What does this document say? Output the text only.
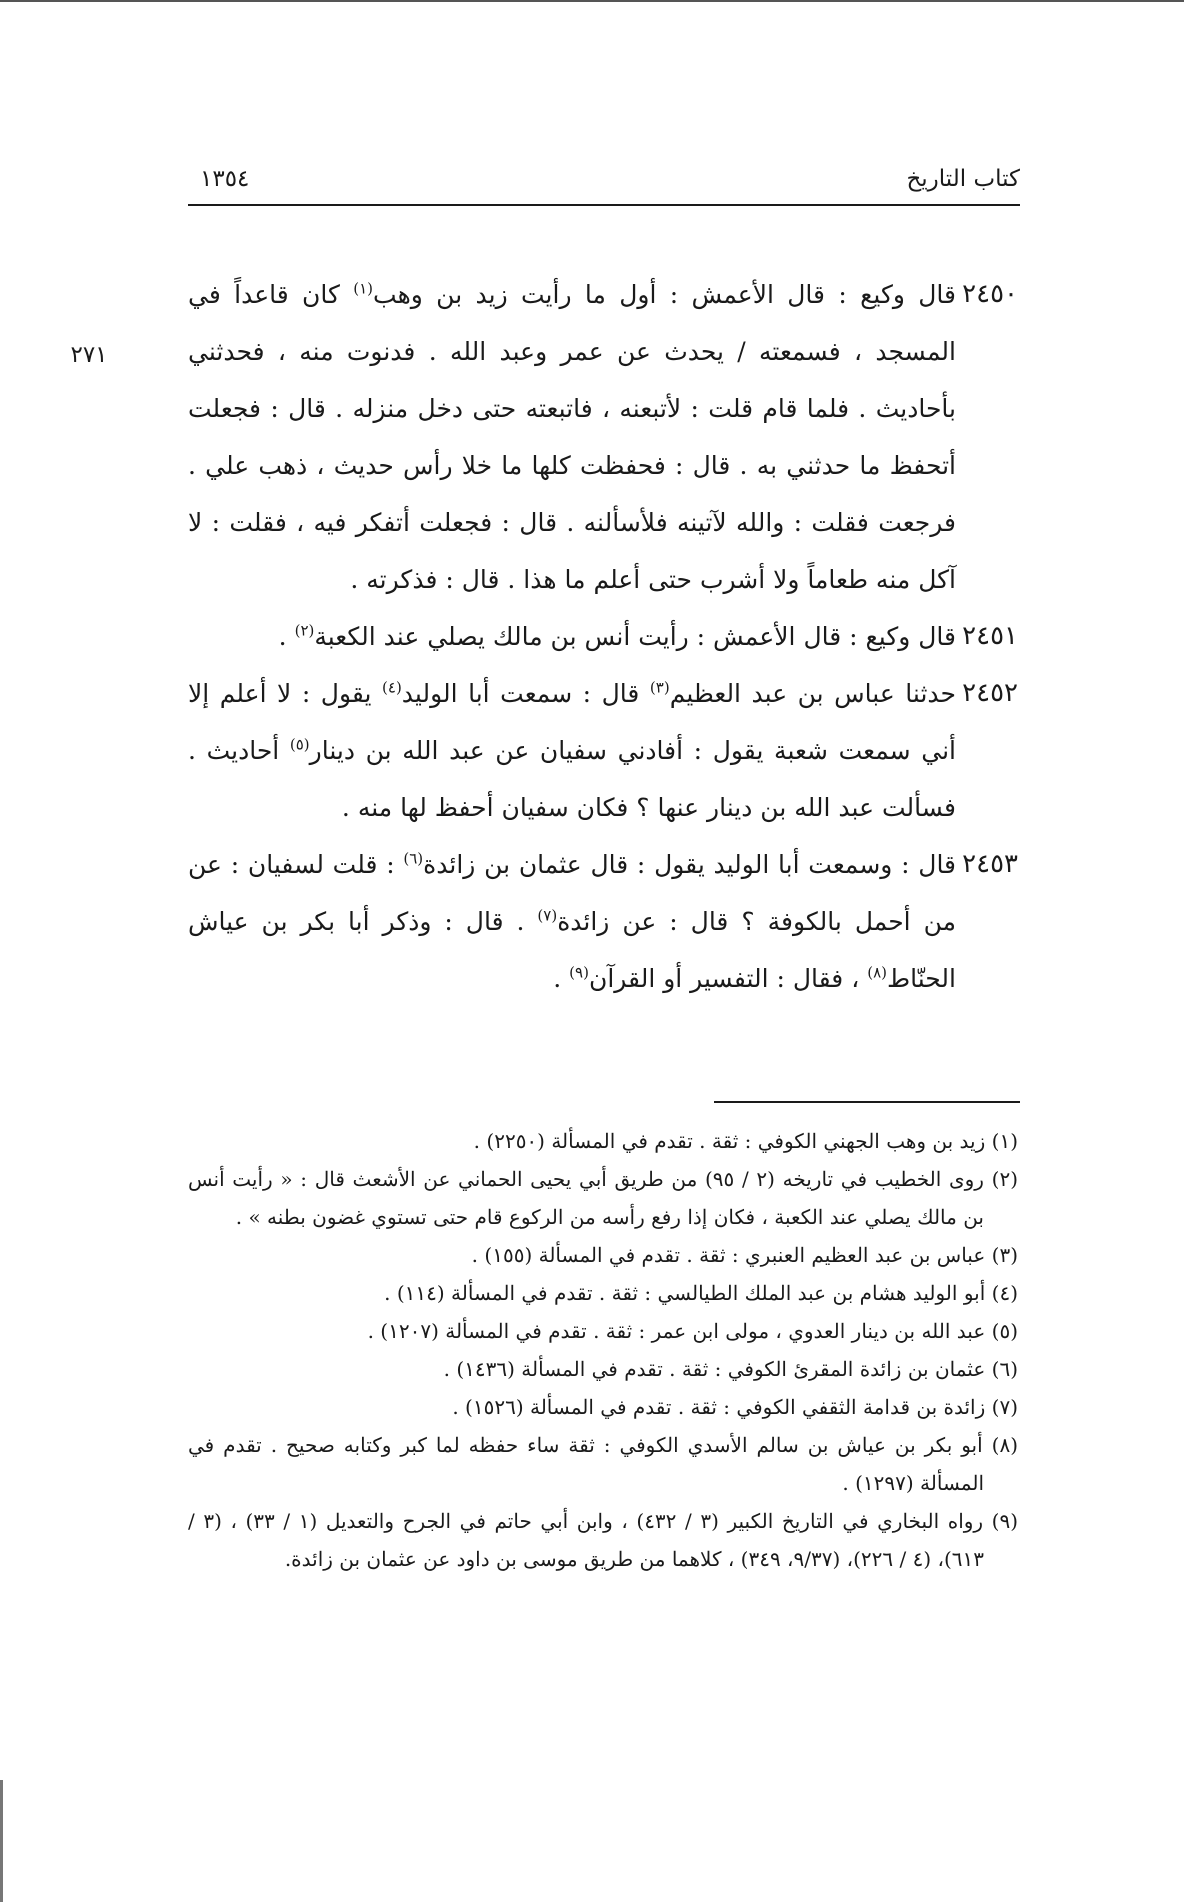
كتاب التاريخ
١٣٥٤
٢٧١
٢٤٥٠
قال وكيع : قال الأعمش : أول ما رأيت زيد بن وهب$^{(١)}$ كان قاعداً في المسجد ، فسمعته / يحدث عن عمر وعبد الله . فدنوت منه ، فحدثني بأحاديث . فلما قام قلت : لأتبعنه ، فاتبعته حتى دخل منزله . قال : فجعلت أتحفظ ما حدثني به . قال : فحفظت كلها ما خلا رأس حديث ، ذهب علي . فرجعت فقلت : والله لآتينه فلأسألنه . قال : فجعلت أتفكر فيه ، فقلت : لا آكل منه طعاماً ولا أشرب حتى أعلم ما هذا . قال : فذكرته .
٢٤٥١
قال وكيع : قال الأعمش : رأيت أنس بن مالك يصلي عند الكعبة$^{(٢)}$ .
٢٤٥٢
حدثنا عباس بن عبد العظيم$^{(٣)}$ قال : سمعت أبا الوليد$^{(٤)}$ يقول : لا أعلم إلا أني سمعت شعبة يقول : أفادني سفيان عن عبد الله بن دينار$^{(٥)}$ أحاديث . فسألت عبد الله بن دينار عنها ؟ فكان سفيان أحفظ لها منه .
٢٤٥٣
قال : وسمعت أبا الوليد يقول : قال عثمان بن زائدة$^{(٦)}$ : قلت لسفيان : عن من أحمل بالكوفة ؟ قال : عن زائدة$^{(٧)}$ . قال : وذكر أبا بكر بن عياش الحنّاط$^{(٨)}$ ، فقال : التفسير أو القرآن$^{(٩)}$ .
(١) زيد بن وهب الجهني الكوفي : ثقة . تقدم في المسألة (٢٢٥٠) .
(٢) روى الخطيب في تاريخه (٢ / ٩٥) من طريق أبي يحيى الحماني عن الأشعث قال : « رأيت أنس بن مالك يصلي عند الكعبة ، فكان إذا رفع رأسه من الركوع قام حتى تستوي غضون بطنه » .
(٣) عباس بن عبد العظيم العنبري : ثقة . تقدم في المسألة (١٥٥) .
(٤) أبو الوليد هشام بن عبد الملك الطيالسي : ثقة . تقدم في المسألة (١١٤) .
(٥) عبد الله بن دينار العدوي ، مولى ابن عمر : ثقة . تقدم في المسألة (١٢٠٧) .
(٦) عثمان بن زائدة المقرئ الكوفي : ثقة . تقدم في المسألة (١٤٣٦) .
(٧) زائدة بن قدامة الثقفي الكوفي : ثقة . تقدم في المسألة (١٥٢٦) .
(٨) أبو بكر بن عياش بن سالم الأسدي الكوفي : ثقة ساء حفظه لما كبر وكتابه صحيح . تقدم في المسألة (١٢٩٧) .
(٩) رواه البخاري في التاريخ الكبير (٣ / ٤٣٢) ، وابن أبي حاتم في الجرح والتعديل (١ / ٣٣) ، (٣ / ٦١٣)، (٤ / ٢٢٦)، (٩/٣٧، ٣٤٩) ، كلاهما من طريق موسى بن داود عن عثمان بن زائدة.
